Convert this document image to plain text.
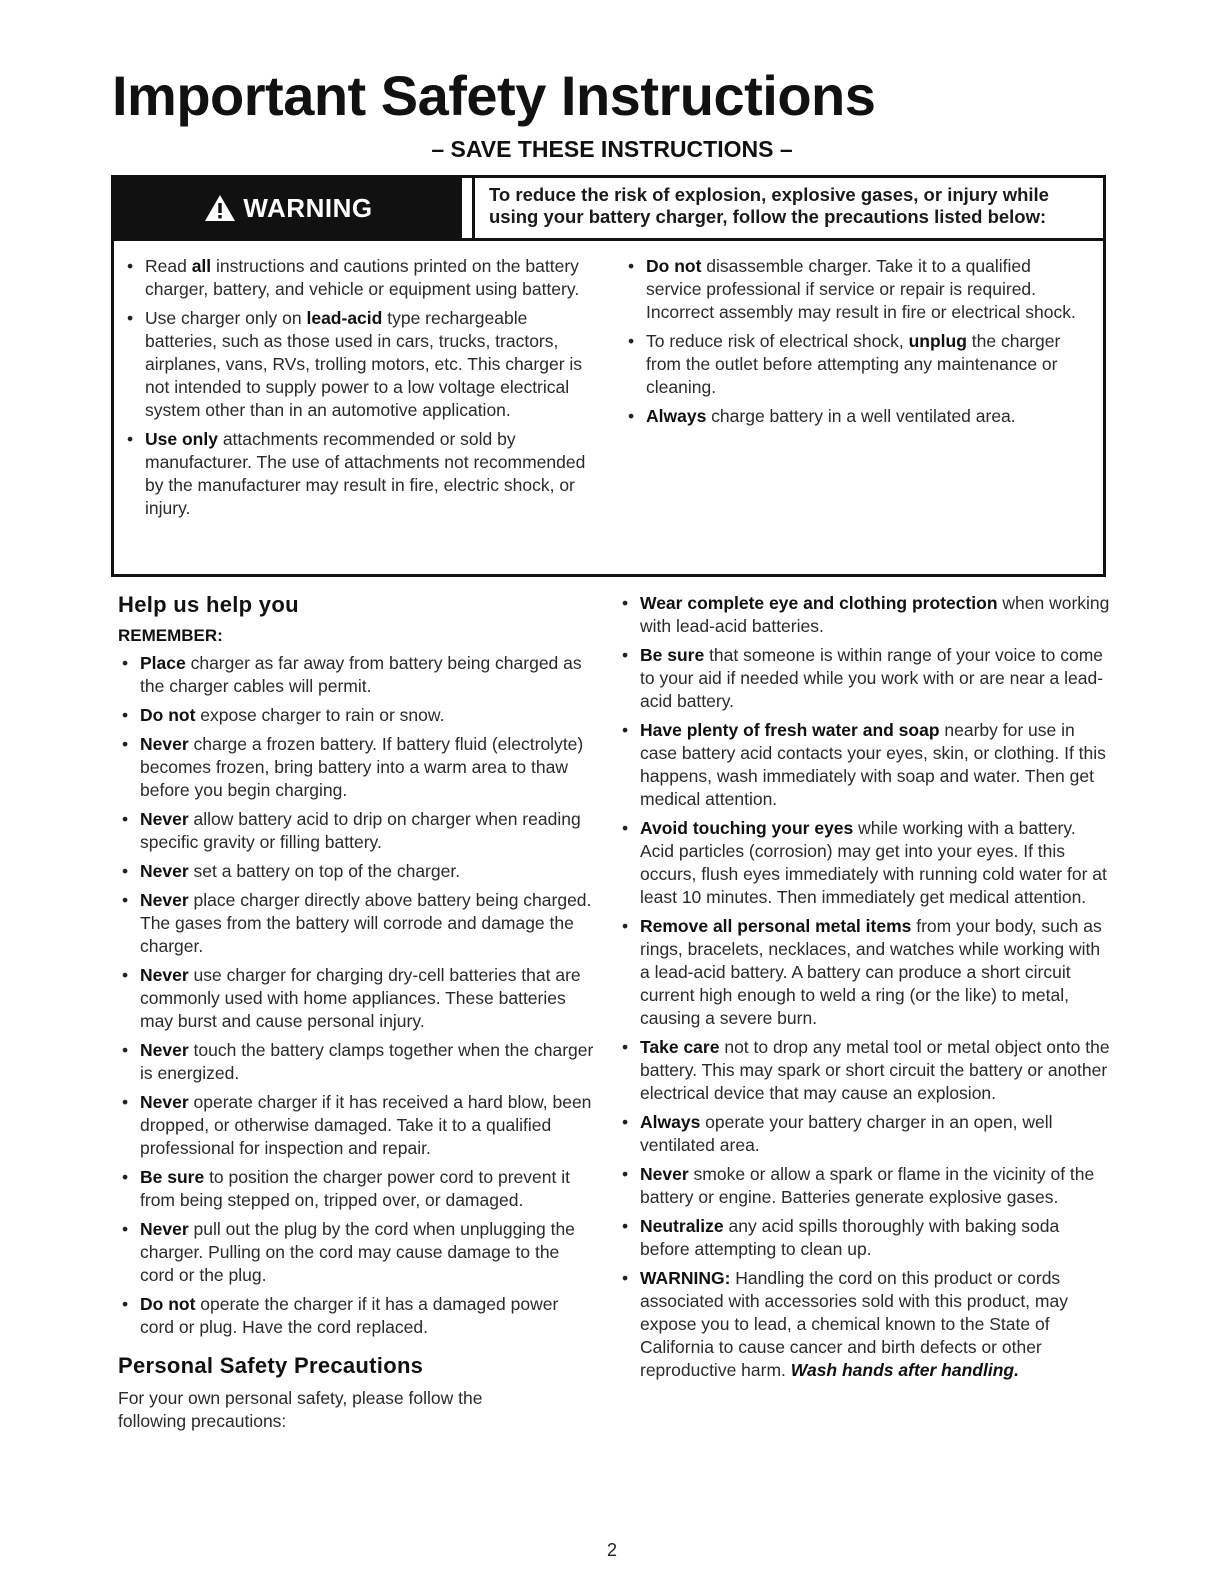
Important Safety Instructions
– SAVE THESE INSTRUCTIONS –
WARNING	To reduce the risk of explosion, explosive gases, or injury while using your battery charger, follow the precautions listed below:
• Read all instructions and cautions printed on the battery charger, battery, and vehicle or equipment using battery.
• Use charger only on lead-acid type rechargeable batteries, such as those used in cars, trucks, tractors, airplanes, vans, RVs, trolling motors, etc. This charger is not intended to supply power to a low voltage electrical system other than in an automotive application.
• Use only attachments recommended or sold by manufacturer. The use of attachments not recommended by the manufacturer may result in fire, electric shock, or injury.
• Do not disassemble charger. Take it to a qualified service professional if service or repair is required. Incorrect assembly may result in fire or electrical shock.
• To reduce risk of electrical shock, unplug the charger from the outlet before attempting any maintenance or cleaning.
• Always charge battery in a well ventilated area.
Help us help you
REMEMBER:
• Place charger as far away from battery being charged as the charger cables will permit.
• Do not expose charger to rain or snow.
• Never charge a frozen battery. If battery fluid (electrolyte) becomes frozen, bring battery into a warm area to thaw before you begin charging.
• Never allow battery acid to drip on charger when reading specific gravity or filling battery.
• Never set a battery on top of the charger.
• Never place charger directly above battery being charged. The gases from the battery will corrode and damage the charger.
• Never use charger for charging dry-cell batteries that are commonly used with home appliances. These batteries may burst and cause personal injury.
• Never touch the battery clamps together when the charger is energized.
• Never operate charger if it has received a hard blow, been dropped, or otherwise damaged. Take it to a qualified professional for inspection and repair.
• Be sure to position the charger power cord to prevent it from being stepped on, tripped over, or damaged.
• Never pull out the plug by the cord when unplugging the charger. Pulling on the cord may cause damage to the cord or the plug.
• Do not operate the charger if it has a damaged power cord or plug. Have the cord replaced.
Personal Safety Precautions

For your own personal safety, please follow the following precautions:

• Wear complete eye and clothing protection when working with lead-acid batteries.
• Be sure that someone is within range of your voice to come to your aid if needed while you work with or are near a lead-acid battery.
• Have plenty of fresh water and soap nearby for use in case battery acid contacts your eyes, skin, or clothing. If this happens, wash immediately with soap and water. Then get medical attention.
• Avoid touching your eyes while working with a battery. Acid particles (corrosion) may get into your eyes. If this occurs, flush eyes immediately with running cold water for at least 10 minutes. Then immediately get medical attention.
• Remove all personal metal items from your body, such as rings, bracelets, necklaces, and watches while working with a lead-acid battery. A battery can produce a short circuit current high enough to weld a ring (or the like) to metal, causing a severe burn.
• Take care not to drop any metal tool or metal object onto the battery. This may spark or short circuit the battery or another electrical device that may cause an explosion.
• Always operate your battery charger in an open, well ventilated area.
• Never smoke or allow a spark or flame in the vicinity of the battery or engine. Batteries generate explosive gases.
• Neutralize any acid spills thoroughly with baking soda before attempting to clean up.
• WARNING: Handling the cord on this product or cords associated with accessories sold with this product, may expose you to lead, a chemical known to the State of California to cause cancer and birth defects or other reproductive harm. Wash hands after handling.
2
